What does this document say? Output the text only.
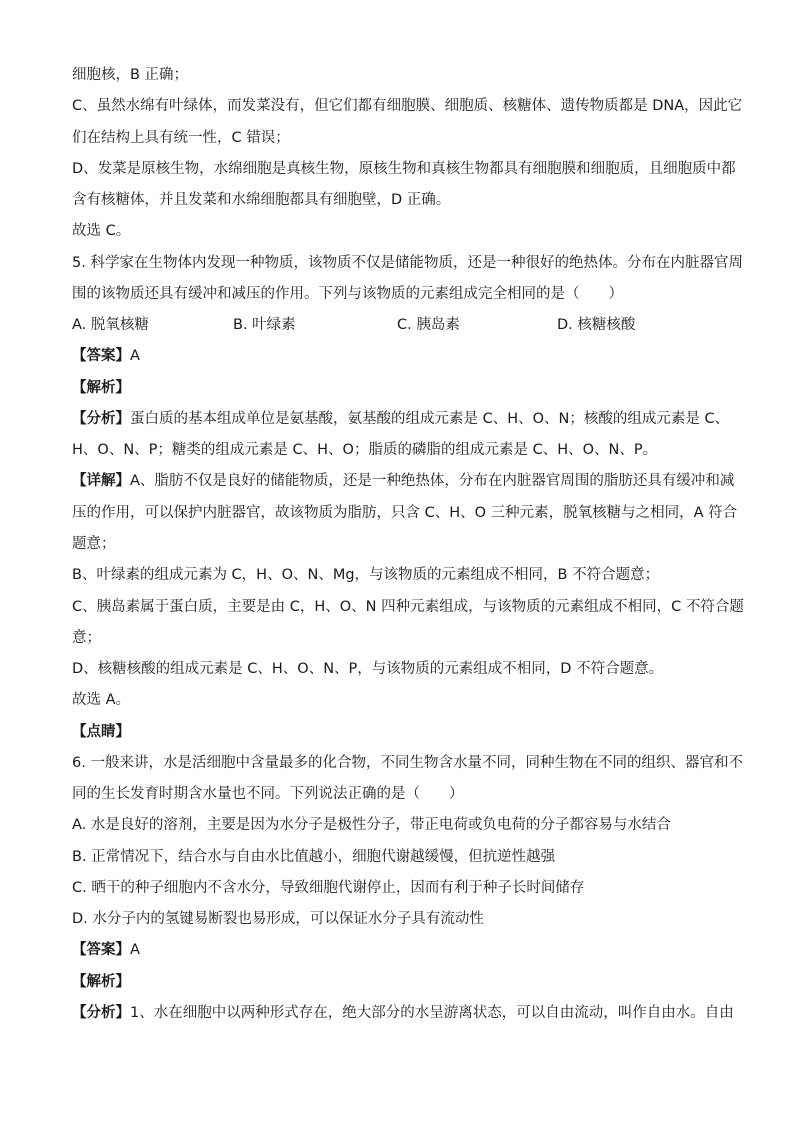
细胞核，B 正确；
C、虽然水绵有叶绿体，而发菜没有，但它们都有细胞膜、细胞质、核糖体、遗传物质都是 DNA，因此它
们在结构上具有统一性，C 错误；
D、发菜是原核生物，水绵细胞是真核生物，原核生物和真核生物都具有细胞膜和细胞质，且细胞质中都
含有核糖体，并且发菜和水绵细胞都具有细胞壁，D 正确。
故选 C。
5. 科学家在生物体内发现一种物质，该物质不仅是储能物质，还是一种很好的绝热体。分布在内脏器官周
围的该物质还具有缓冲和减压的作用。下列与该物质的元素组成完全相同的是（　　）
A. 脱氧核糖	B. 叶绿素	C. 胰岛素	D. 核糖核酸
【答案】A
【解析】
【分析】蛋白质的基本组成单位是氨基酸，氨基酸的组成元素是 C、H、O、N；核酸的组成元素是 C、
H、O、N、P；糖类的组成元素是 C、H、O；脂质的磷脂的组成元素是 C、H、O、N、P。
【详解】A、脂肪不仅是良好的储能物质，还是一种绝热体，分布在内脏器官周围的脂肪还具有缓冲和减
压的作用，可以保护内脏器官，故该物质为脂肪，只含 C、H、O 三种元素，脱氧核糖与之相同，A 符合
题意；
B、叶绿素的组成元素为 C，H、O、N、Mg，与该物质的元素组成不相同，B 不符合题意；
C、胰岛素属于蛋白质，主要是由 C，H、O、N 四种元素组成，与该物质的元素组成不相同，C 不符合题
意；
D、核糖核酸的组成元素是 C、H、O、N、P，与该物质的元素组成不相同，D 不符合题意。
故选 A。
【点睛】
6. 一般来讲，水是活细胞中含量最多的化合物，不同生物含水量不同，同种生物在不同的组织、器官和不
同的生长发育时期含水量也不同。下列说法正确的是（　　）
A. 水是良好的溶剂，主要是因为水分子是极性分子，带正电荷或负电荷的分子都容易与水结合
B. 正常情况下，结合水与自由水比值越小，细胞代谢越缓慢，但抗逆性越强
C. 晒干的种子细胞内不含水分，导致细胞代谢停止，因而有利于种子长时间储存
D. 水分子内的氢键易断裂也易形成，可以保证水分子具有流动性
【答案】A
【解析】
【分析】1、水在细胞中以两种形式存在，绝大部分的水呈游离状态，可以自由流动，叫作自由水。自由
